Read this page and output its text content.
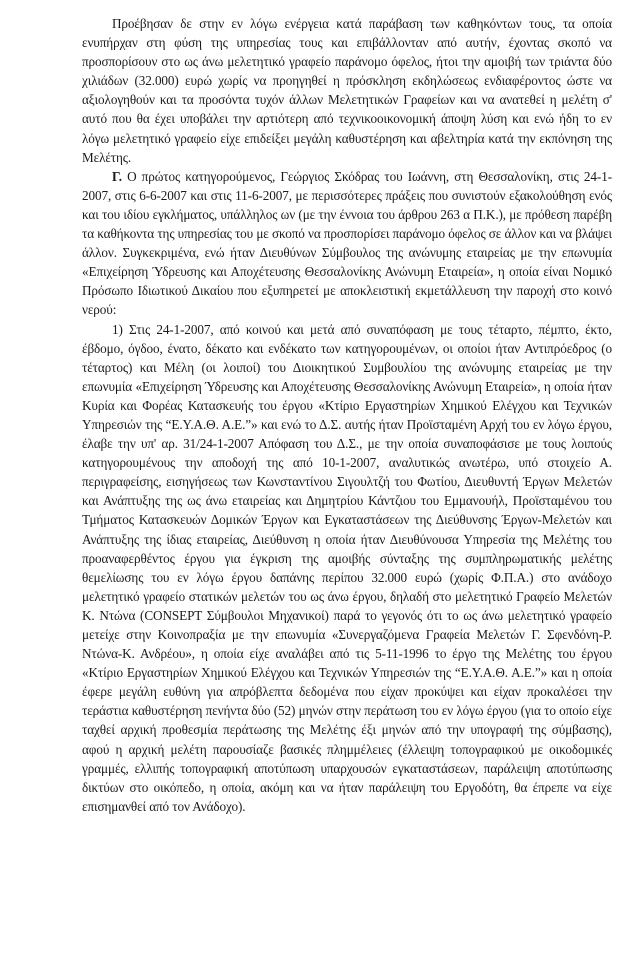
Προέβησαν δε στην εν λόγω ενέργεια κατά παράβαση των καθηκόντων τους, τα οποία ενυπήρχαν στη φύση της υπηρεσίας τους και επιβάλλονταν από αυτήν, έχοντας σκοπό να προσπορίσουν στο ως άνω μελετητικό γραφείο παράνομο όφελος, ήτοι την αμοιβή των τριάντα δύο χιλιάδων (32.000) ευρώ χωρίς να προηγηθεί η πρόσκληση εκδηλώσεως ενδιαφέροντος ώστε να αξιολογηθούν και τα προσόντα τυχόν άλλων Μελετητικών Γραφείων και να ανατεθεί η μελέτη σ' αυτό που θα έχει υποβάλει την αρτιότερη από τεχνικοοικονομική άποψη λύση και ενώ ήδη το εν λόγω μελετητικό γραφείο είχε επιδείξει μεγάλη καθυστέρηση και αβελτηρία κατά την εκπόνηση της Μελέτης.

Γ. Ο πρώτος κατηγορούμενος, Γεώργιος Σκόδρας του Ιωάννη, στη Θεσσαλονίκη, στις 24-1-2007, στις 6-6-2007 και στις 11-6-2007, με περισσότερες πράξεις που συνιστούν εξακολούθηση ενός και του ιδίου εγκλήματος, υπάλληλος ων (με την έννοια του άρθρου 263 α Π.Κ.), με πρόθεση παρέβη τα καθήκοντα της υπηρεσίας του με σκοπό να προσπορίσει παράνομο όφελος σε άλλον και να βλάψει άλλον. Συγκεκριμένα, ενώ ήταν Διευθύνων Σύμβουλος της ανώνυμης εταιρείας με την επωνυμία «Επιχείρηση Ύδρευσης και Αποχέτευσης Θεσσαλονίκης Ανώνυμη Εταιρεία», η οποία είναι Νομικό Πρόσωπο Ιδιωτικού Δικαίου που εξυπηρετεί με αποκλειστική εκμετάλλευση την παροχή στο κοινό νερού:

1) Στις 24-1-2007, από κοινού και μετά από συναπόφαση με τους τέταρτο, πέμπτο, έκτο, έβδομο, όγδοο, ένατο, δέκατο και ενδέκατο των κατηγορουμένων, οι οποίοι ήταν Αντιπρόεδρος (ο τέταρτος) και Μέλη (οι λοιποί) του Διοικητικού Συμβουλίου της ανώνυμης εταιρείας με την επωνυμία «Επιχείρηση Ύδρευσης και Αποχέτευσης Θεσσαλονίκης Ανώνυμη Εταιρεία», η οποία ήταν Κυρία και Φορέας Κατασκευής του έργου «Κτίριο Εργαστηρίων Χημικού Ελέγχου και Τεχνικών Υπηρεσιών της “Ε.Υ.Α.Θ. Α.Ε.”» και ενώ το Δ.Σ. αυτής ήταν Προϊσταμένη Αρχή του εν λόγω έργου, έλαβε την υπ' αρ. 31/24-1-2007 Απόφαση του Δ.Σ., με την οποία συναποφάσισε με τους λοιπούς κατηγορουμένους την αποδοχή της από 10-1-2007, αναλυτικώς ανωτέρω, υπό στοιχείο Α. περιγραφείσης, εισηγήσεως των Κωνσταντίνου Σιγουλτζή του Φωτίου, Διευθυντή Έργων Μελετών και Ανάπτυξης της ως άνω εταιρείας και Δημητρίου Κάντζιου του Εμμανουήλ, Προϊσταμένου του Τμήματος Κατασκευών Δομικών Έργων και Εγκαταστάσεων της Διεύθυνσης Έργων-Μελετών και Ανάπτυξης της ίδιας εταιρείας, Διεύθυνση η οποία ήταν Διευθύνουσα Υπηρεσία της Μελέτης του προαναφερθέντος έργου για έγκριση της αμοιβής σύνταξης της συμπληρωματικής μελέτης θεμελίωσης του εν λόγω έργου δαπάνης περίπου 32.000 ευρώ (χωρίς Φ.Π.Α.) στο ανάδοχο μελετητικό γραφείο στατικών μελετών του ως άνω έργου, δηλαδή στο μελετητικό Γραφείο Μελετών Κ. Ντώνα (CONSEPT Σύμβουλοι Μηχανικοί) παρά το γεγονός ότι το ως άνω μελετητικό γραφείο μετείχε στην Κοινοπραξία με την επωνυμία «Συνεργαζόμενα Γραφεία Μελετών Γ. Σφενδόνη-Ρ. Ντώνα-Κ. Ανδρέου», η οποία είχε αναλάβει από τις 5-11-1996 το έργο της Μελέτης του έργου «Κτίριο Εργαστηρίων Χημικού Ελέγχου και Τεχνικών Υπηρεσιών της “Ε.Υ.Α.Θ. Α.Ε.”» και η οποία έφερε μεγάλη ευθύνη για απρόβλεπτα δεδομένα που είχαν προκύψει και είχαν προκαλέσει την τεράστια καθυστέρηση πενήντα δύο (52) μηνών στην περάτωση του εν λόγω έργου (για το οποίο είχε ταχθεί αρχική προθεσμία περάτωσης της Μελέτης έξι μηνών από την υπογραφή της σύμβασης), αφού η αρχική μελέτη παρουσίαζε βασικές πλημμέλειες (έλλειψη τοπογραφικού με οικοδομικές γραμμές, ελλιπής τοπογραφική αποτύπωση υπαρχουσών εγκαταστάσεων, παράλειψη αποτύπωσης δικτύων στο οικόπεδο, η οποία, ακόμη και να ήταν παράλειψη του Εργοδότη, θα έπρεπε να είχε επισημανθεί από τον Ανάδοχο).
